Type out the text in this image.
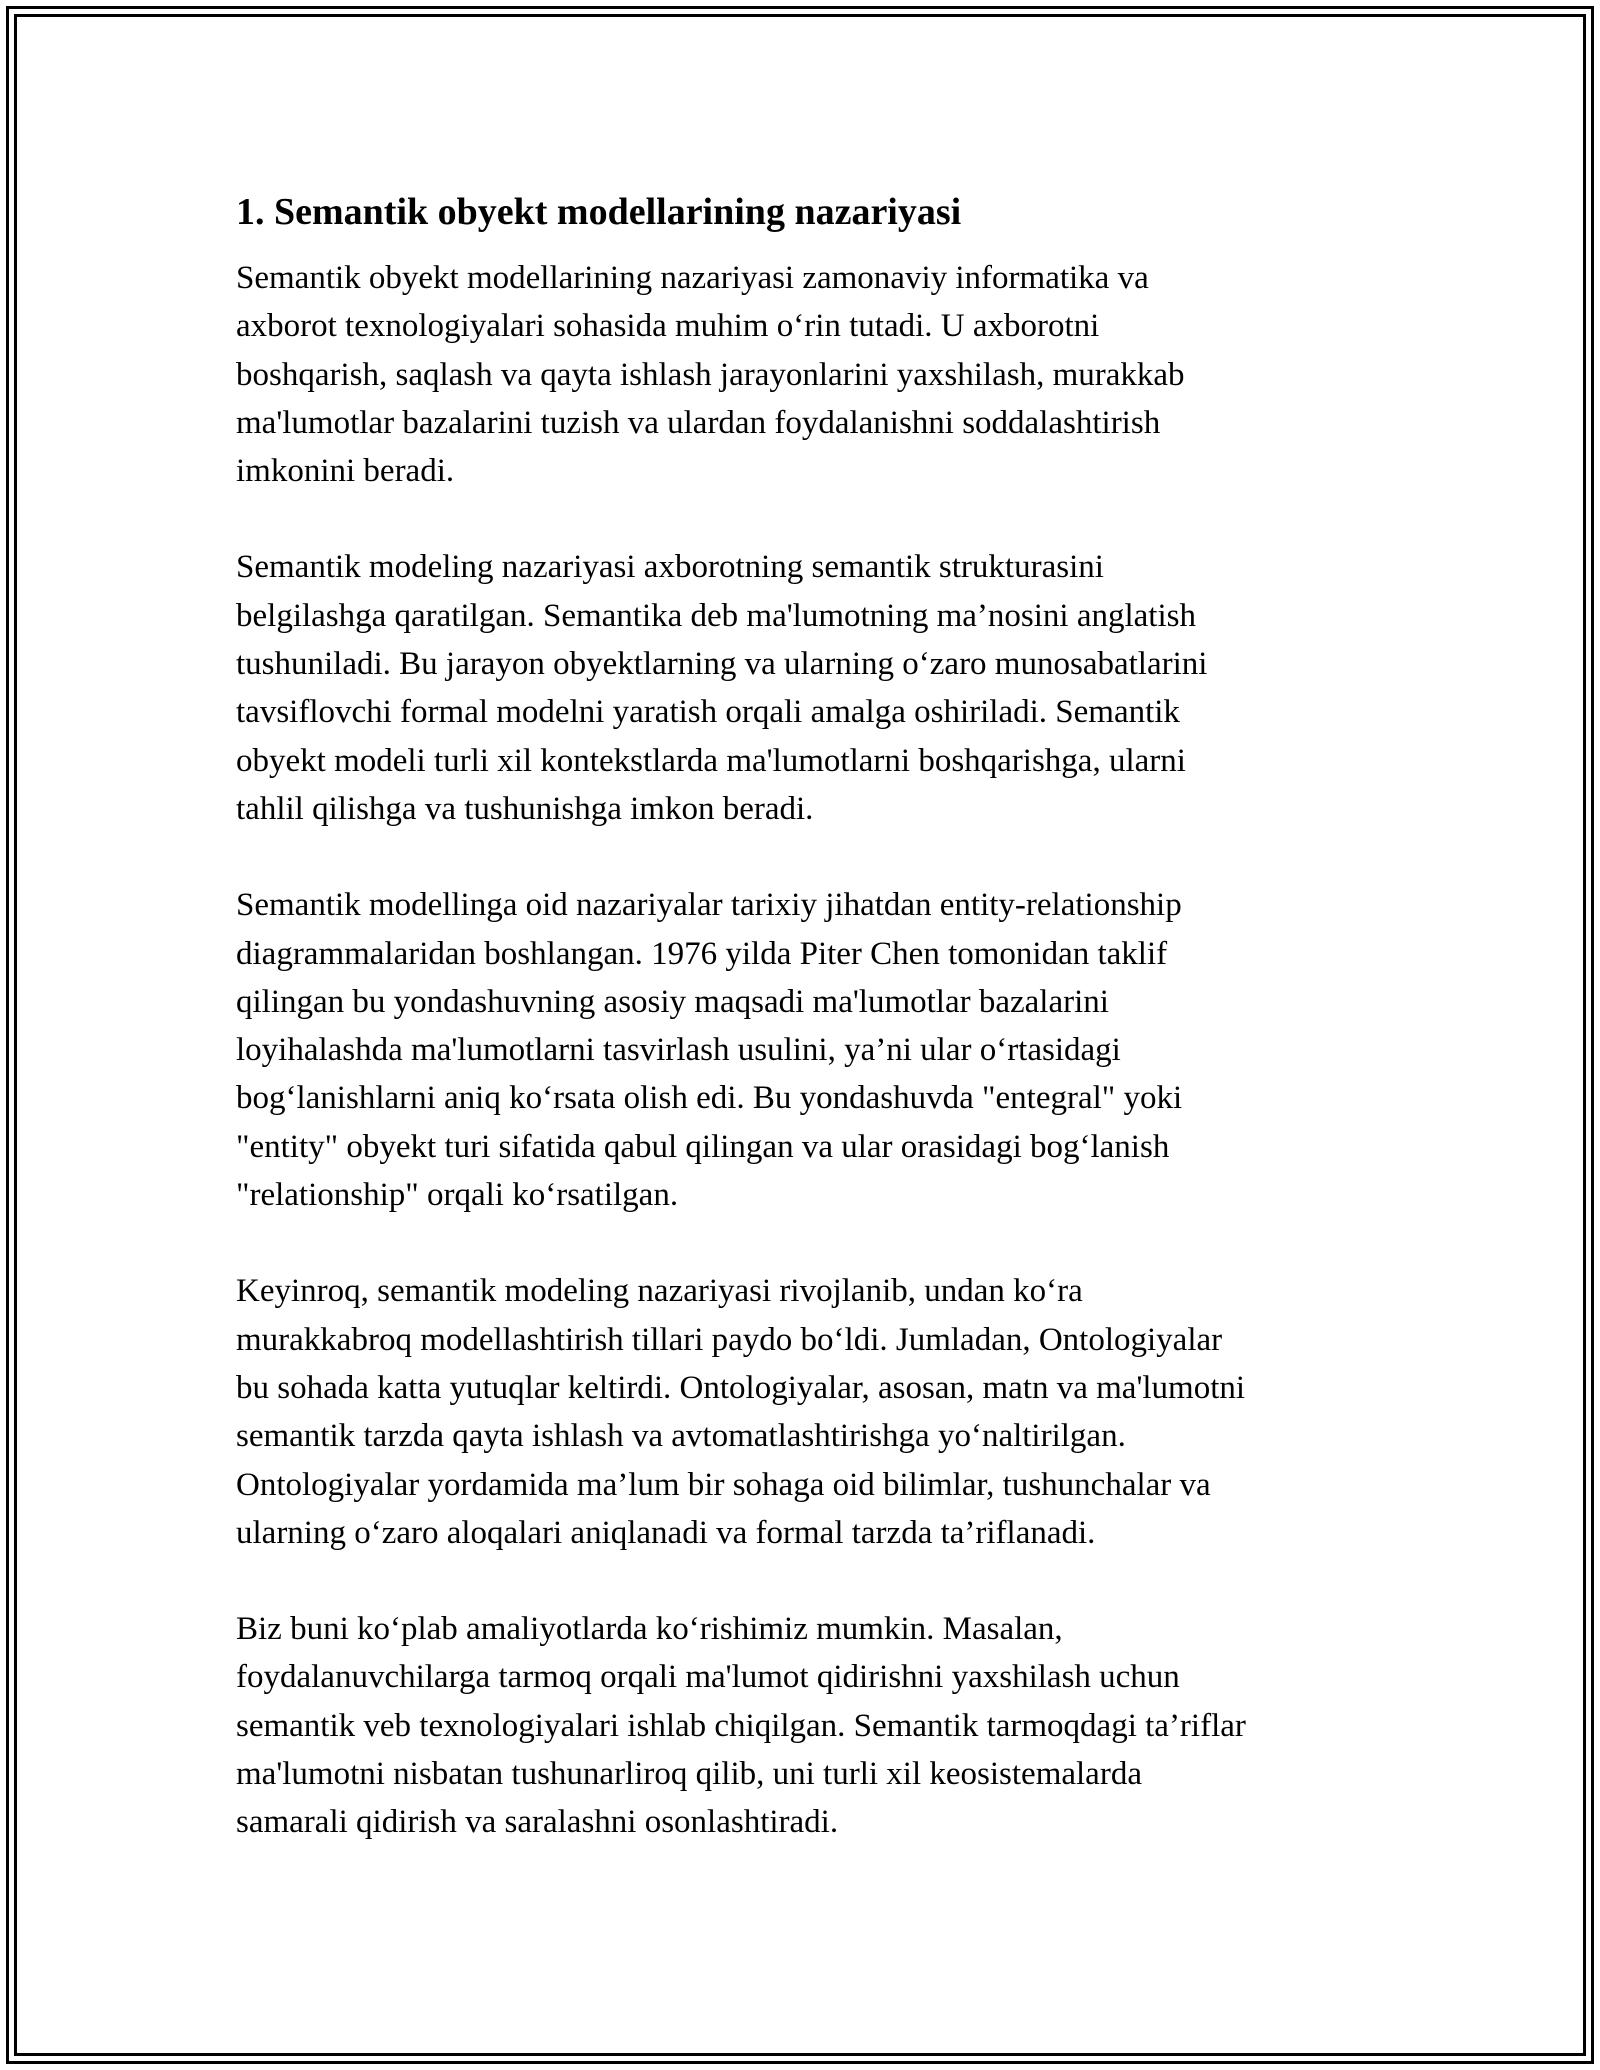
1. Semantik obyekt modellarining nazariyasi

Semantik obyekt modellarining nazariyasi zamonaviy informatika va
axborot texnologiyalari sohasida muhim o‘rin tutadi. U axborotni
boshqarish, saqlash va qayta ishlash jarayonlarini yaxshilash, murakkab
ma'lumotlar bazalarini tuzish va ulardan foydalanishni soddalashtirish
imkonini beradi.

Semantik modeling nazariyasi axborotning semantik strukturasini
belgilashga qaratilgan. Semantika deb ma'lumotning ma’nosini anglatish
tushuniladi. Bu jarayon obyektlarning va ularning o‘zaro munosabatlarini
tavsiflovchi formal modelni yaratish orqali amalga oshiriladi. Semantik
obyekt modeli turli xil kontekstlarda ma'lumotlarni boshqarishga, ularni
tahlil qilishga va tushunishga imkon beradi.

Semantik modellinga oid nazariyalar tarixiy jihatdan entity-relationship
diagrammalaridan boshlangan. 1976 yilda Piter Chen tomonidan taklif
qilingan bu yondashuvning asosiy maqsadi ma'lumotlar bazalarini
loyihalashda ma'lumotlarni tasvirlash usulini, ya’ni ular o‘rtasidagi
bog‘lanishlarni aniq ko‘rsata olish edi. Bu yondashuvda "entegral" yoki
"entity" obyekt turi sifatida qabul qilingan va ular orasidagi bog‘lanish
"relationship" orqali ko‘rsatilgan.

Keyinroq, semantik modeling nazariyasi rivojlanib, undan ko‘ra
murakkabroq modellashtirish tillari paydo bo‘ldi. Jumladan, Ontologiyalar
bu sohada katta yutuqlar keltirdi. Ontologiyalar, asosan, matn va ma'lumotni
semantik tarzda qayta ishlash va avtomatlashtirishga yo‘naltirilgan.
Ontologiyalar yordamida ma’lum bir sohaga oid bilimlar, tushunchalar va
ularning o‘zaro aloqalari aniqlanadi va formal tarzda ta’riflanadi.

Biz buni ko‘plab amaliyotlarda ko‘rishimiz mumkin. Masalan,
foydalanuvchilarga tarmoq orqali ma'lumot qidirishni yaxshilash uchun
semantik veb texnologiyalari ishlab chiqilgan. Semantik tarmoqdagi ta’riflar
ma'lumotni nisbatan tushunarliroq qilib, uni turli xil keosistemalarda
samarali qidirish va saralashni osonlashtiradi.
